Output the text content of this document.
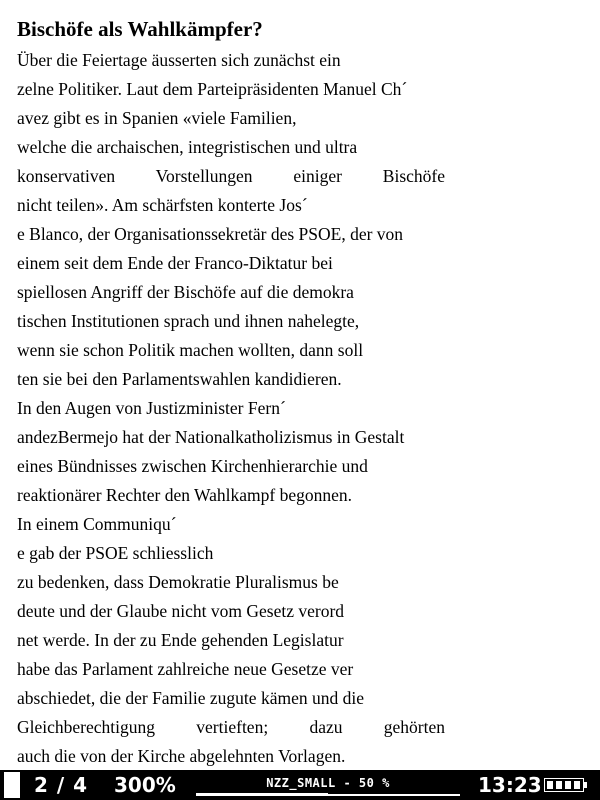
Bischöfe als Wahlkämpfer?
Über die Feiertage äusserten sich zunächst ein
zelne Politiker. Laut dem Parteipräsidenten Manuel Ch´
avez gibt es in Spanien «viele Familien,
welche die archaischen, integristischen und ultra
konservativen Vorstellungen einiger Bischöfe
nicht teilen». Am schärfsten konterte Jos´
e Blanco, der Organisationssekretär des PSOE, der von
einem seit dem Ende der Franco-Diktatur bei
spiellosen Angriff der Bischöfe auf die demokra
tischen Institutionen sprach und ihnen nahelegte,
wenn sie schon Politik machen wollten, dann soll
ten sie bei den Parlamentswahlen kandidieren.
In den Augen von Justizminister Fern´
andezBermejo hat der Nationalkatholizismus in Gestalt
eines Bündnisses zwischen Kirchenhierarchie und
reaktionärer Rechter den Wahlkampf begonnen.
In einem Communiqu´
e gab der PSOE schliesslich
zu bedenken, dass Demokratie Pluralismus be
deute und der Glaube nicht vom Gesetz verord
net werde. In der zu Ende gehenden Legislatur
habe das Parlament zahlreiche neue Gesetze ver
abschiedet, die der Familie zugute kämen und die
Gleichberechtigung vertieften; dazu gehörten
auch die von der Kirche abgelehnten Vorlagen.
2 / 4 300%	NZZ_SMALL - 50 %	13:23
